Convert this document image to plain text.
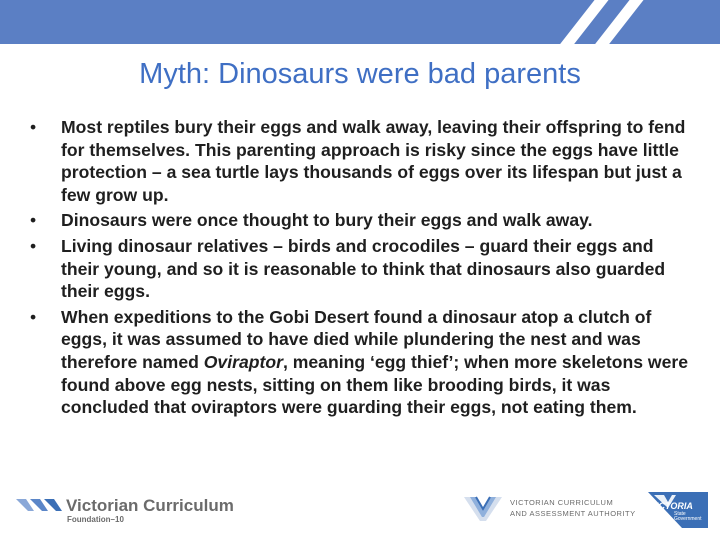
Myth: Dinosaurs were bad parents
• Most reptiles bury their eggs and walk away, leaving their offspring to fend for themselves. This parenting approach is risky since the eggs have little protection – a sea turtle lays thousands of eggs over its lifespan but just a few grow up.
• Dinosaurs were once thought to bury their eggs and walk away.
• Living dinosaur relatives – birds and crocodiles – guard their eggs and their young, and so it is reasonable to think that dinosaurs also guarded their eggs.
• When expeditions to the Gobi Desert found a dinosaur atop a clutch of eggs, it was assumed to have died while plundering the nest and was therefore named Oviraptor, meaning ‘egg thief’; when more skeletons were found above egg nests, sitting on them like brooding birds, it was concluded that oviraptors were guarding their eggs, not eating them.
Victorian Curriculum
Foundation–10
VICTORIAN CURRICULUM
AND ASSESSMENT AUTHORITY
VICTORIA
State
Government
